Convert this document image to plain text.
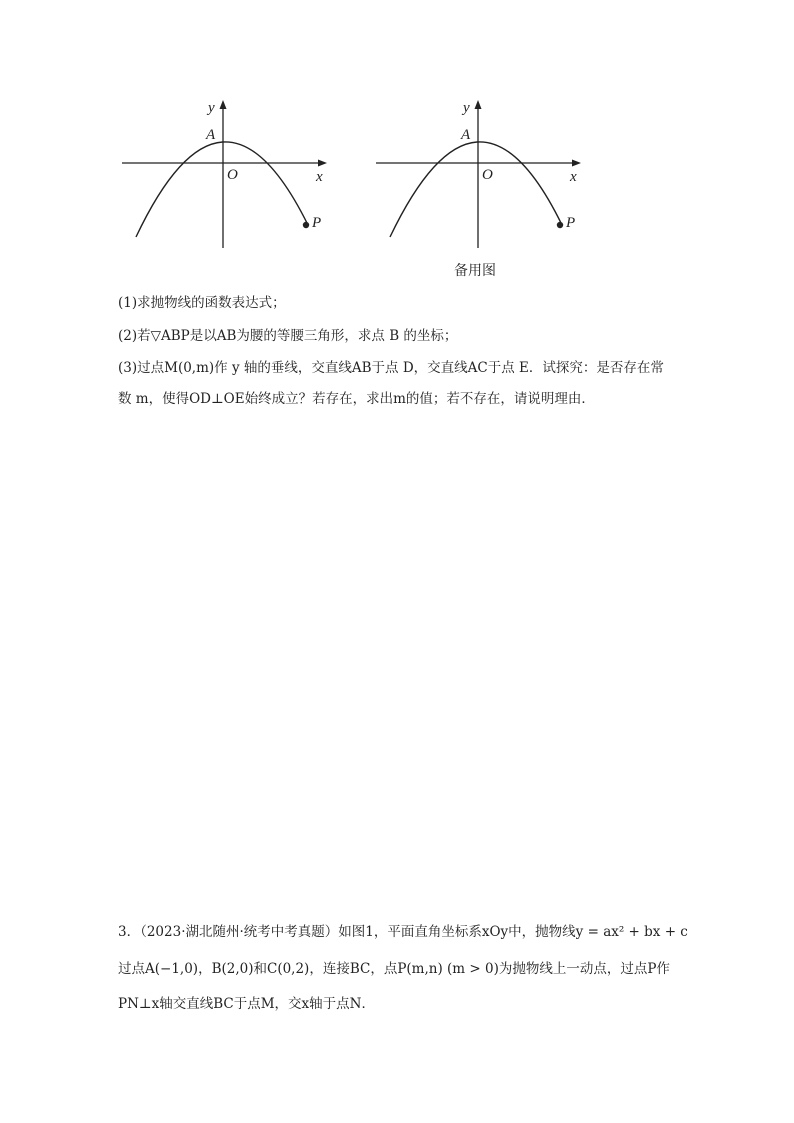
y
A
O	x
P
y
A
O	x
P
备用图
(1)求抛物线的函数表达式；
(2)若▽ABP是以AB为腰的等腰三角形，求点 B 的坐标；
(3)过点M(0,m)作 y 轴的垂线，交直线AB于点 D，交直线AC于点 E．试探究：是否存在常
数 m，使得OD⊥OE始终成立？若存在，求出m的值；若不存在，请说明理由．
3．（2023·湖北随州·统考中考真题）如图1，平面直角坐标系xOy中，抛物线y = ax² + bx + c
过点A(−1,0)，B(2,0)和C(0,2)，连接BC，点P(m,n) (m > 0)为抛物线上一动点，过点P作
PN⊥x轴交直线BC于点M，交x轴于点N．
